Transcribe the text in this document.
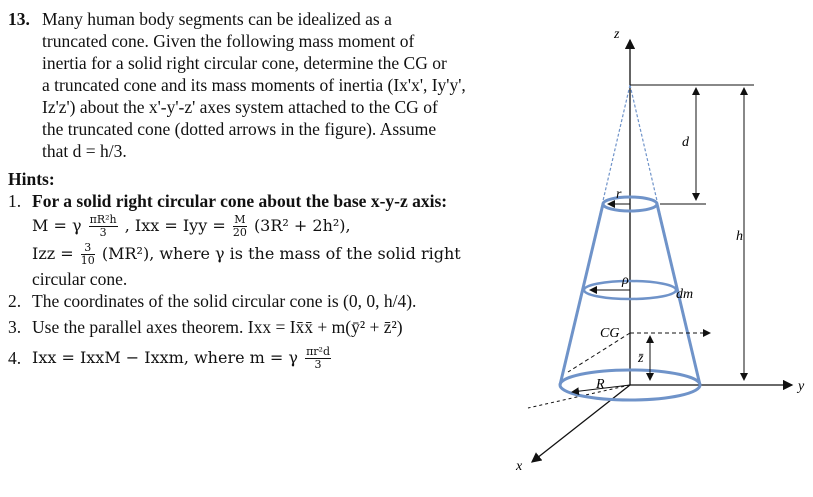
13. Many human body segments can be idealized as a
truncated cone. Given the following mass moment of
inertia for a solid right circular cone, determine the CG or
a truncated cone and its mass moments of inertia (Ix'x', Iy'y',
Iz'z') about the x'-y'-z' axes system attached to the CG of
the truncated cone (dotted arrows in the figure). Assume
that d = h/3.
Hints:
1. For a solid right circular cone about the base x-y-z axis:
M = γ $\frac{\text{πR²h}}{3}$ , Ixx = Iyy = $\frac{M}{20} (3R^2 + 2h^2)$,
Izz = $\frac{3}{10} (MR^2)$, where γ is the mass of the solid right
circular cone.
2. The coordinates of the solid circular cone is (0, 0, h/4).
3. Use the parallel axes theorem. Ixx = Ix̄x̄ + m(ȳ² + z̄²)
4. Ixx = IxxM − Ixxm, where m = γ $\frac{\text{πr²d}}{3}$
z
x
y
d
h
r
ρ
dm
CG
z̄
R
